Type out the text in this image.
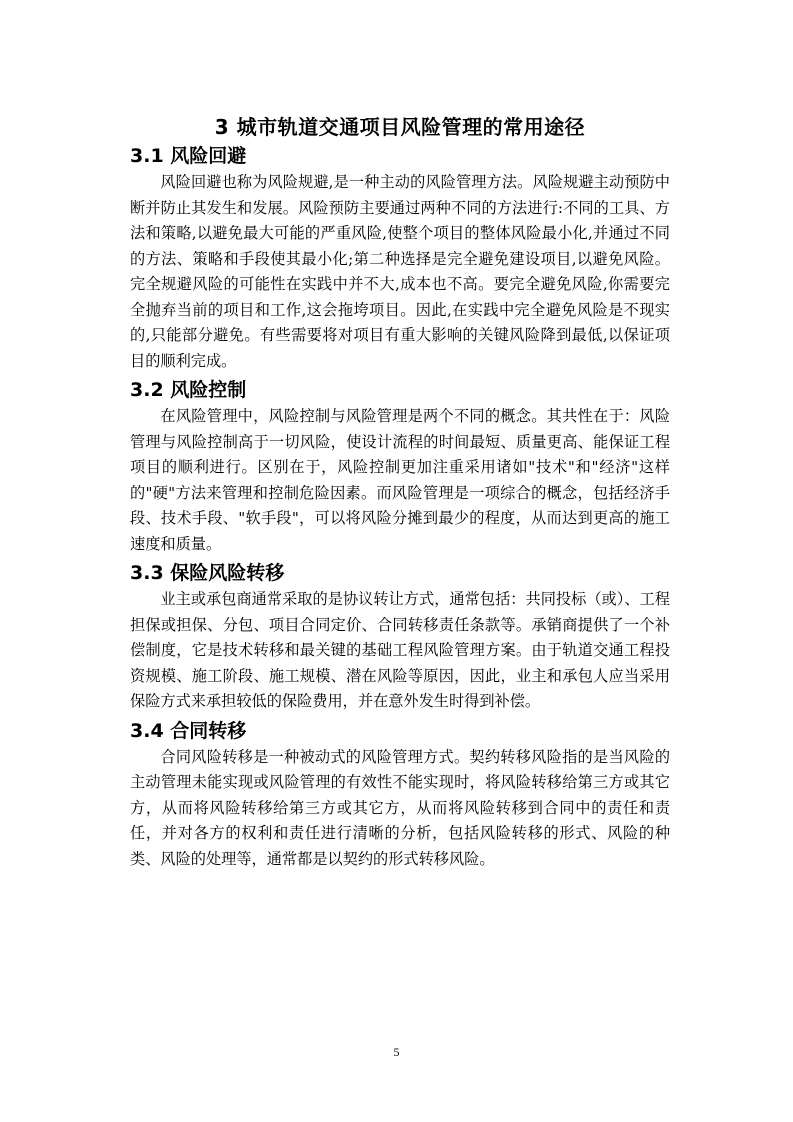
3 城市轨道交通项目风险管理的常用途径
3.1 风险回避

风险回避也称为风险规避,是一种主动的风险管理方法。风险规避主动预防中断并防止其发生和发展。风险预防主要通过两种不同的方法进行:不同的工具、方法和策略,以避免最大可能的严重风险,使整个项目的整体风险最小化,并通过不同的方法、策略和手段使其最小化;第二种选择是完全避免建设项目,以避免风险。完全规避风险的可能性在实践中并不大,成本也不高。要完全避免风险,你需要完全抛弃当前的项目和工作,这会拖垮项目。因此,在实践中完全避免风险是不现实的,只能部分避免。有些需要将对项目有重大影响的关键风险降到最低,以保证项目的顺利完成。

3.2 风险控制

在风险管理中，风险控制与风险管理是两个不同的概念。其共性在于：风险管理与风险控制高于一切风险，使设计流程的时间最短、质量更高、能保证工程项目的顺利进行。区别在于，风险控制更加注重采用诸如"技术"和"经济"这样的"硬"方法来管理和控制危险因素。而风险管理是一项综合的概念，包括经济手段、技术手段、"软手段"，可以将风险分摊到最少的程度，从而达到更高的施工速度和质量。

3.3 保险风险转移

业主或承包商通常采取的是协议转让方式，通常包括：共同投标（或）、工程担保或担保、分包、项目合同定价、合同转移责任条款等。承销商提供了一个补偿制度，它是技术转移和最关键的基础工程风险管理方案。由于轨道交通工程投资规模、施工阶段、施工规模、潜在风险等原因，因此，业主和承包人应当采用保险方式来承担较低的保险费用，并在意外发生时得到补偿。

3.4 合同转移

合同风险转移是一种被动式的风险管理方式。契约转移风险指的是当风险的主动管理未能实现或风险管理的有效性不能实现时，将风险转移给第三方或其它方，从而将风险转移给第三方或其它方，从而将风险转移到合同中的责任和责任，并对各方的权利和责任进行清晰的分析，包括风险转移的形式、风险的种类、风险的处理等，通常都是以契约的形式转移风险。

5
